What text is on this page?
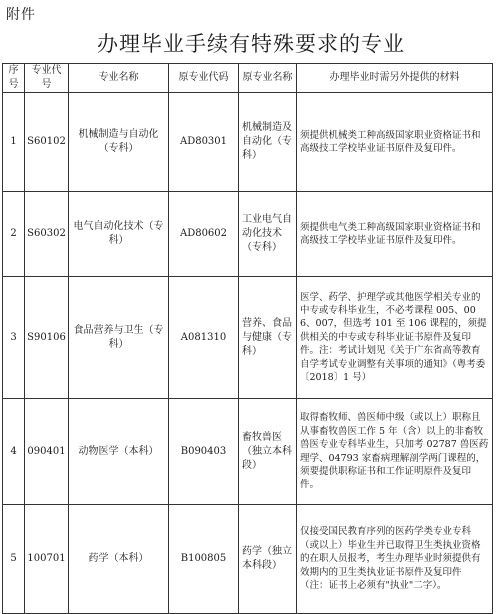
附件
办理毕业手续有特殊要求的专业
序号	专业代号	专业名称	原专业代码	原专业名称	办理毕业时需另外提供的材料
1	S60102	机械制造与自动化（专科）	AD80301	机械制造及自动化（专科）	须提供机械类工种高级国家职业资格证书和高级技工学校毕业证书原件及复印件。
2	S60302	电气自动化技术（专科）	AD80602	工业电气自动化技术（专科）	须提供电气类工种高级国家职业资格证书和高级技工学校毕业证书原件及复印件。
3	S90106	食品营养与卫生（专科）	A081310	营养、食品与健康（专科）	医学、药学、护理学或其他医学相关专业的中专或专科毕业生，不必考课程 005、006、007，但选考 101 至 106 课程的，须提供相关的中专或专科毕业证书原件及复印件。注：考试计划见《关于广东省高等教育自学考试专业调整有关事项的通知》（粤考委〔2018〕1 号）
4	090401	动物医学（本科）	B090403	畜牧兽医（独立本科段）	取得畜牧师、兽医师中级（或以上）职称且从事畜牧兽医工作 5 年（含）以上的非畜牧兽医专业专科毕业生，只加考 02787 兽医药理学、04793 家畜病理解剖学两门课程的，须要提供职称证书和工作证明原件及复印件。
5	100701	药学（本科）	B100805	药学（独立本科段）	仅接受国民教育序列的医药学类专业专科（或以上）毕业生并已取得卫生类执业资格的在职人员报考，考生办理毕业时须提供有效期内的卫生类执业证书原件及复印件（注：证书上必须有"执业"二字）。
